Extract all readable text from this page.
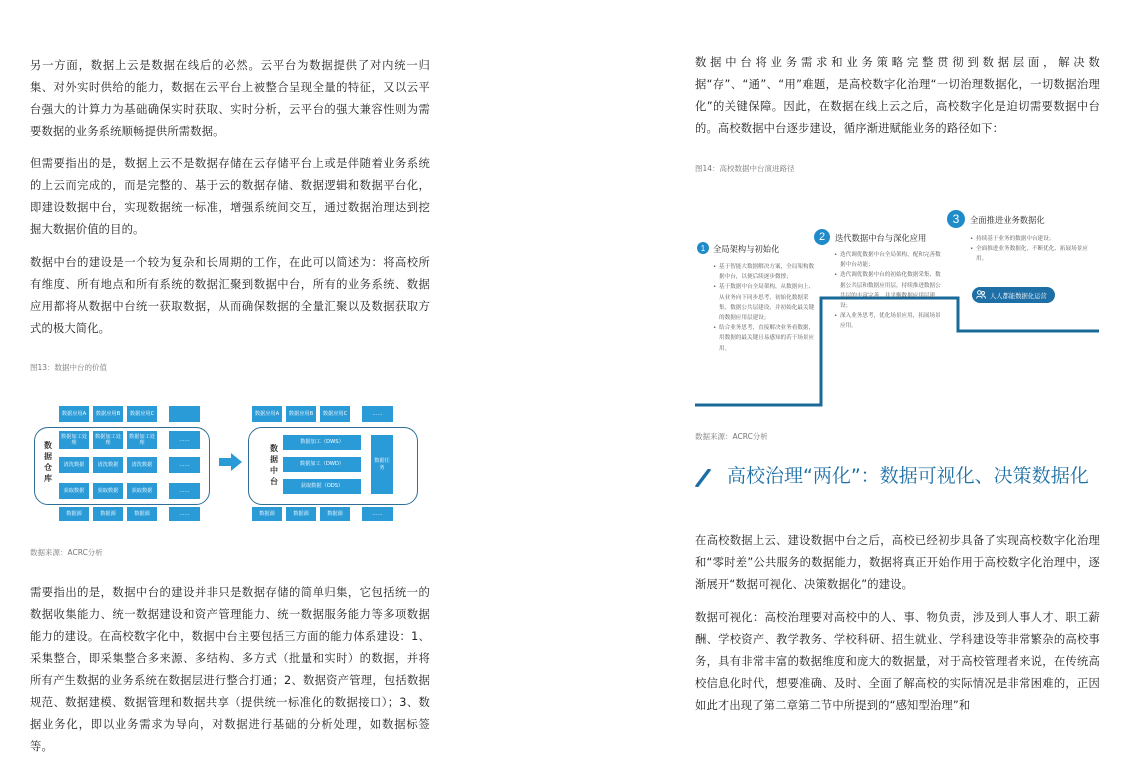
另一方面，数据上云是数据在线后的必然。云平台为数据提供了对内统一归集、对外实时供给的能力，数据在云平台上被整合呈现全量的特征，又以云平台强大的计算力为基础确保实时获取、实时分析，云平台的强大兼容性则为需要数据的业务系统顺畅提供所需数据。

但需要指出的是，数据上云不是数据存储在云存储平台上或是伴随着业务系统的上云而完成的，而是完整的、基于云的数据存储、数据逻辑和数据平台化，即建设数据中台，实现数据统一标准，增强系统间交互，通过数据治理达到挖掘大数据价值的目的。

数据中台的建设是一个较为复杂和长周期的工作，在此可以简述为：将高校所有维度、所有地点和所有系统的数据汇聚到数据中台，所有的业务系统、数据应用都将从数据中台统一获取数据，从而确保数据的全量汇聚以及数据获取方式的极大简化。

图13：数据中台的价值
数据应用A	数据应用B	数据应用C
数据仓库
数据加工处理
数据加工处理
数据加工处理
……
清洗数据	清洗数据	清洗数据	……
获取数据	获取数据	获取数据	……
数据源	数据源	数据源	……
数据应用A	数据应用B	数据应用C	……
数据中台
数据加工（DWS）
数据加工（DWD）
获取数据（ODS）
数据任务
数据源	数据源	数据源	……
数据来源：ACRC分析

需要指出的是，数据中台的建设并非只是数据存储的简单归集，它包括统一的数据收集能力、统一数据建设和资产管理能力、统一数据服务能力等多项数据能力的建设。在高校数字化中，数据中台主要包括三方面的能力体系建设：1、采集整合，即采集整合多来源、多结构、多方式（批量和实时）的数据，并将所有产生数据的业务系统在数据层进行整合打通；2、数据资产管理，包括数据规范、数据建模、数据管理和数据共享（提供统一标准化的数据接口）；3、数据业务化，即以业务需求为导向，对数据进行基础的分析处理，如数据标签等。

数据中台将业务需求和业务策略完整贯彻到数据层面，解决数据“存”、“通”、“用”难题，是高校数字化治理“一切治理数据化，一切数据治理化”的关键保障。因此，在数据在线上云之后，高校数字化是迫切需要数据中台的。高校数据中台逐步建设，循序渐进赋能业务的路径如下：

图14：高校数据中台演进路径
1 全局架构与初始化
• 基于智能大数据解决方案，全局架构数据中台，以便后续逐步微撑；
• 基于数据中台全局架构，从数据向上、从业务向下同步思考，初始化数据采集、数据公共层建设，并初始化最关键的数据应用层建设；
• 结合业务思考，直接解决业务看数据，用数据的最关键且易感知的若干场景应用。
2	迭代数据中台与深化应用
• 迭代调优数据中台全局架构，配和完善数据中台功能；
• 迭代调优数据中台的初始化数据采集、数据公共层和数据应用层，持续推进数据公共层的丰富完善，并平衡数据应用层建设；
• 深入业务思考，优化场景应用，拓展场景应用。
3	全面推进业务数据化
• 持续基于业务的数据中台建设；
• 全面推进业务数据化，不断优化、拓展场景应用。
人人都能数据化运营
数据来源：ACRC分析
高校治理“两化”：数据可视化、决策数据化

在高校数据上云、建设数据中台之后，高校已经初步具备了实现高校数字化治理和“零时差”公共服务的数据能力，数据将真正开始作用于高校数字化治理中，逐渐展开“数据可视化、决策数据化”的建设。

数据可视化：高校治理要对高校中的人、事、物负责，涉及到人事人才、职工薪酬、学校资产、教学教务、学校科研、招生就业、学科建设等非常繁杂的高校事务，具有非常丰富的数据维度和庞大的数据量，对于高校管理者来说，在传统高校信息化时代，想要准确、及时、全面了解高校的实际情况是非常困难的，正因如此才出现了第二章第二节中所提到的“感知型治理”和
